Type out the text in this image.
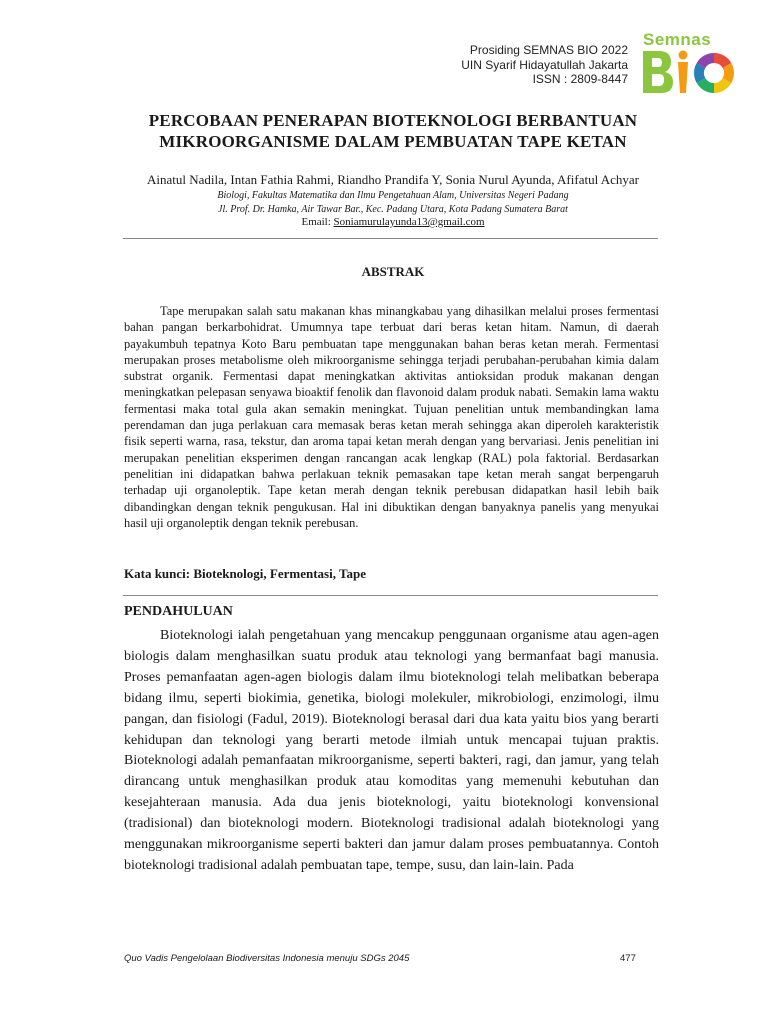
Prosiding SEMNAS BIO 2022
UIN Syarif Hidayatullah Jakarta
ISSN : 2809-8447
Semnas
PERCOBAAN PENERAPAN BIOTEKNOLOGI BERBANTUAN
MIKROORGANISME DALAM PEMBUATAN TAPE KETAN
Ainatul Nadila, Intan Fathia Rahmi, Riandho Prandifa Y, Sonia Nurul Ayunda, Afifatul Achyar
Biologi, Fakultas Matematika dan Ilmu Pengetahuan Alam, Universitas Negeri Padang
Jl. Prof. Dr. Hamka, Air Tawar Bar., Kec. Padang Utara, Kota Padang Sumatera Barat
Email: Soniamurulayunda13@gmail.com
ABSTRAK

Tape merupakan salah satu makanan khas minangkabau yang dihasilkan melalui proses fermentasi bahan pangan berkarbohidrat. Umumnya tape terbuat dari beras ketan hitam. Namun, di daerah payakumbuh tepatnya Koto Baru pembuatan tape menggunakan bahan beras ketan merah. Fermentasi merupakan proses metabolisme oleh mikroorganisme sehingga terjadi perubahan-perubahan kimia dalam substrat organik. Fermentasi dapat meningkatkan aktivitas antioksidan produk makanan dengan meningkatkan pelepasan senyawa bioaktif fenolik dan flavonoid dalam produk nabati. Semakin lama waktu fermentasi maka total gula akan semakin meningkat. Tujuan penelitian untuk membandingkan lama perendaman dan juga perlakuan cara memasak beras ketan merah sehingga akan diperoleh karakteristik fisik seperti warna, rasa, tekstur, dan aroma tapai ketan merah dengan yang bervariasi. Jenis penelitian ini merupakan penelitian eksperimen dengan rancangan acak lengkap (RAL) pola faktorial. Berdasarkan penelitian ini didapatkan bahwa perlakuan teknik pemasakan tape ketan merah sangat berpengaruh terhadap uji organoleptik. Tape ketan merah dengan teknik perebusan didapatkan hasil lebih baik dibandingkan dengan teknik pengukusan. Hal ini dibuktikan dengan banyaknya panelis yang menyukai hasil uji organoleptik dengan teknik perebusan.

Kata kunci: Bioteknologi, Fermentasi, Tape
PENDAHULUAN

Bioteknologi ialah pengetahuan yang mencakup penggunaan organisme atau agen-agen biologis dalam menghasilkan suatu produk atau teknologi yang bermanfaat bagi manusia. Proses pemanfaatan agen-agen biologis dalam ilmu bioteknologi telah melibatkan beberapa bidang ilmu, seperti biokimia, genetika, biologi molekuler, mikrobiologi, enzimologi, ilmu pangan, dan fisiologi (Fadul, 2019). Bioteknologi berasal dari dua kata yaitu bios yang berarti kehidupan dan teknologi yang berarti metode ilmiah untuk mencapai tujuan praktis. Bioteknologi adalah pemanfaatan mikroorganisme, seperti bakteri, ragi, dan jamur, yang telah dirancang untuk menghasilkan produk atau komoditas yang memenuhi kebutuhan dan kesejahteraan manusia. Ada dua jenis bioteknologi, yaitu bioteknologi konvensional (tradisional) dan bioteknologi modern. Bioteknologi tradisional adalah bioteknologi yang menggunakan mikroorganisme seperti bakteri dan jamur dalam proses pembuatannya. Contoh bioteknologi tradisional adalah pembuatan tape, tempe, susu, dan lain-lain. Pada

Quo Vadis Pengelolaan Biodiversitas Indonesia menuju SDGs 2045	477
